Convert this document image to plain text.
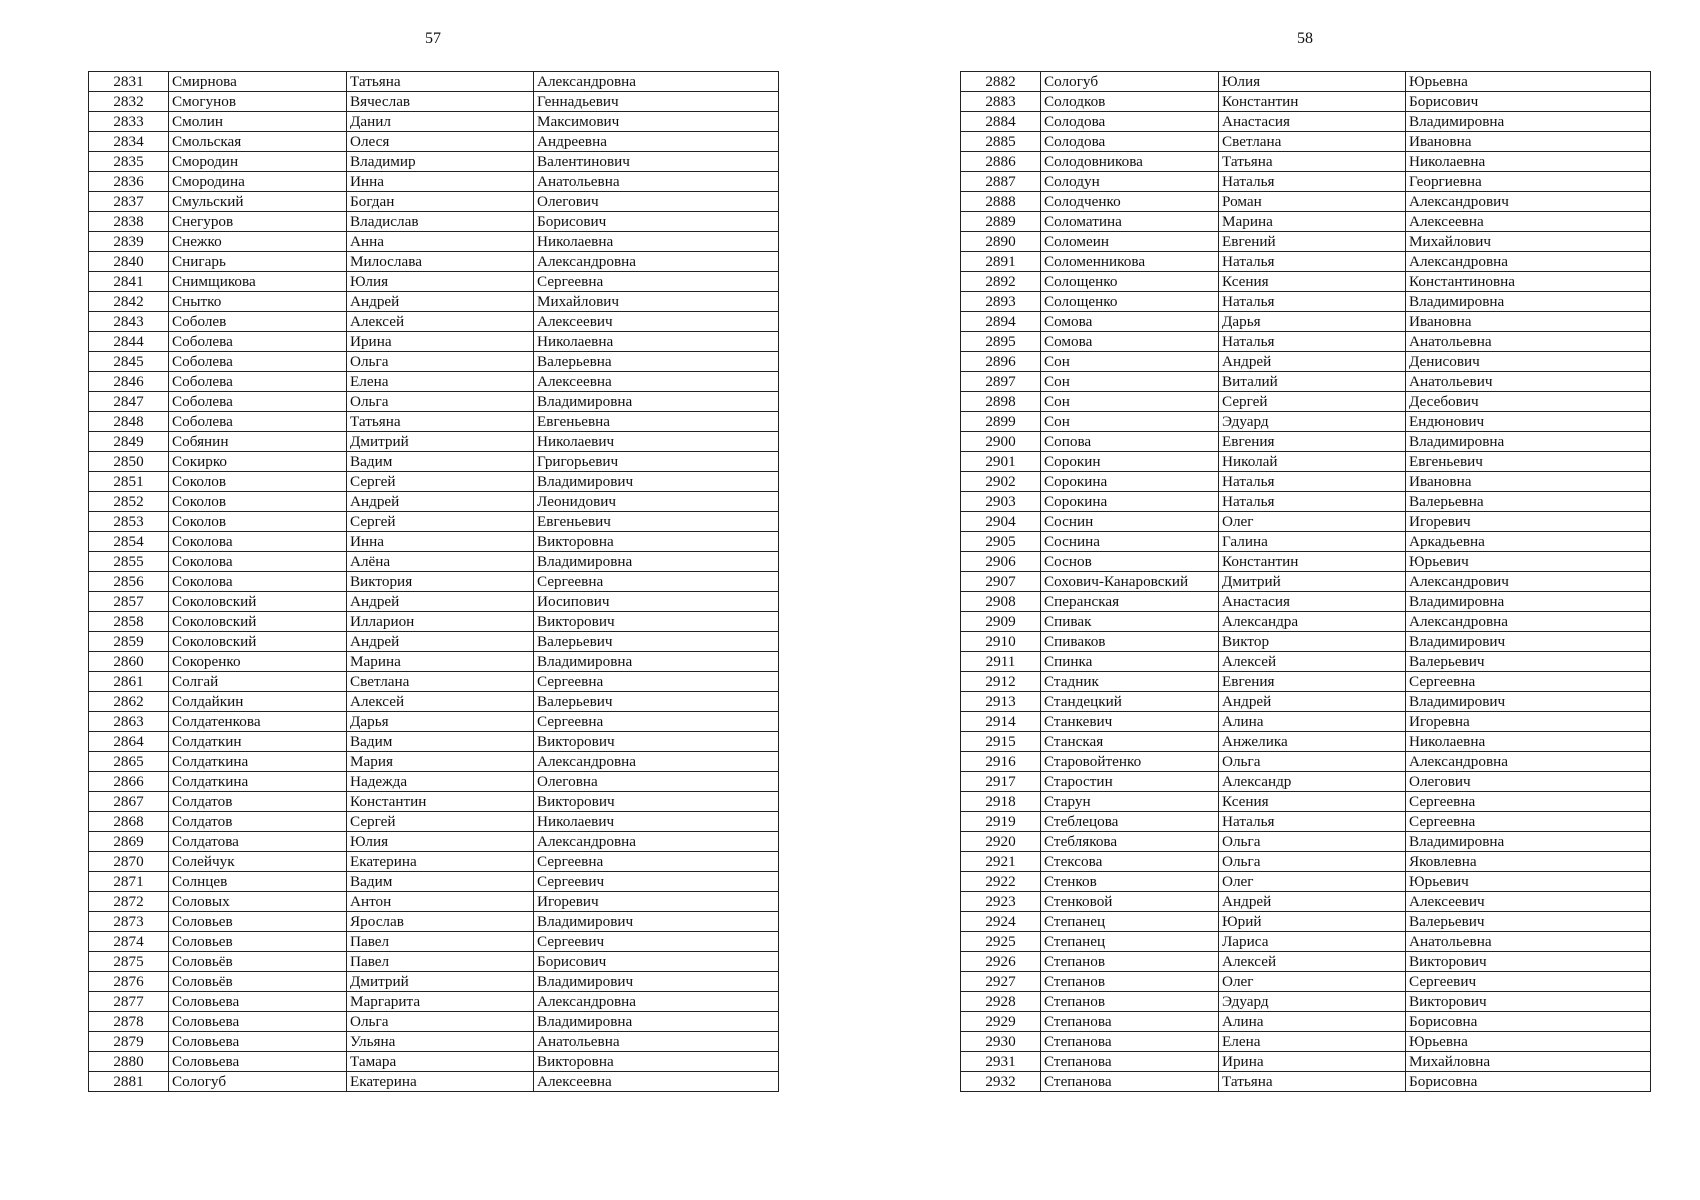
57
2831	Смирнова	Татьяна	Александровна
2832	Смогунов	Вячеслав	Геннадьевич
2833	Смолин	Данил	Максимович
2834	Смольская	Олеся	Андреевна
2835	Смородин	Владимир	Валентинович
2836	Смородина	Инна	Анатольевна
2837	Смульский	Богдан	Олегович
2838	Снегуров	Владислав	Борисович
2839	Снежко	Анна	Николаевна
2840	Снигарь	Милослава	Александровна
2841	Снимщикова	Юлия	Сергеевна
2842	Снытко	Андрей	Михайлович
2843	Соболев	Алексей	Алексеевич
2844	Соболева	Ирина	Николаевна
2845	Соболева	Ольга	Валерьевна
2846	Соболева	Елена	Алексеевна
2847	Соболева	Ольга	Владимировна
2848	Соболева	Татьяна	Евгеньевна
2849	Собянин	Дмитрий	Николаевич
2850	Сокирко	Вадим	Григорьевич
2851	Соколов	Сергей	Владимирович
2852	Соколов	Андрей	Леонидович
2853	Соколов	Сергей	Евгеньевич
2854	Соколова	Инна	Викторовна
2855	Соколова	Алёна	Владимировна
2856	Соколова	Виктория	Сергеевна
2857	Соколовский	Андрей	Иосипович
2858	Соколовский	Илларион	Викторович
2859	Соколовский	Андрей	Валерьевич
2860	Сокоренко	Марина	Владимировна
2861	Солгай	Светлана	Сергеевна
2862	Солдайкин	Алексей	Валерьевич
2863	Солдатенкова	Дарья	Сергеевна
2864	Солдаткин	Вадим	Викторович
2865	Солдаткина	Мария	Александровна
2866	Солдаткина	Надежда	Олеговна
2867	Солдатов	Константин	Викторович
2868	Солдатов	Сергей	Николаевич
2869	Солдатова	Юлия	Александровна
2870	Солейчук	Екатерина	Сергеевна
2871	Солнцев	Вадим	Сергеевич
2872	Соловых	Антон	Игоревич
2873	Соловьев	Ярослав	Владимирович
2874	Соловьев	Павел	Сергеевич
2875	Соловьёв	Павел	Борисович
2876	Соловьёв	Дмитрий	Владимирович
2877	Соловьева	Маргарита	Александровна
2878	Соловьева	Ольга	Владимировна
2879	Соловьева	Ульяна	Анатольевна
2880	Соловьева	Тамара	Викторовна
2881	Сологуб	Екатерина	Алексеевна
58
2882	Сологуб	Юлия	Юрьевна
2883	Солодков	Константин	Борисович
2884	Солодова	Анастасия	Владимировна
2885	Солодова	Светлана	Ивановна
2886	Солодовникова	Татьяна	Николаевна
2887	Солодун	Наталья	Георгиевна
2888	Солодченко	Роман	Александрович
2889	Соломатина	Марина	Алексеевна
2890	Соломеин	Евгений	Михайлович
2891	Соломенникова	Наталья	Александровна
2892	Солощенко	Ксения	Константиновна
2893	Солощенко	Наталья	Владимировна
2894	Сомова	Дарья	Ивановна
2895	Сомова	Наталья	Анатольевна
2896	Сон	Андрей	Денисович
2897	Сон	Виталий	Анатольевич
2898	Сон	Сергей	Десебович
2899	Сон	Эдуард	Ендюнович
2900	Сопова	Евгения	Владимировна
2901	Сорокин	Николай	Евгеньевич
2902	Сорокина	Наталья	Ивановна
2903	Сорокина	Наталья	Валерьевна
2904	Соснин	Олег	Игоревич
2905	Соснина	Галина	Аркадьевна
2906	Соснов	Константин	Юрьевич
2907	Сохович-Канаровский	Дмитрий	Александрович
2908	Сперанская	Анастасия	Владимировна
2909	Спивак	Александра	Александровна
2910	Спиваков	Виктор	Владимирович
2911	Спинка	Алексей	Валерьевич
2912	Стадник	Евгения	Сергеевна
2913	Стандецкий	Андрей	Владимирович
2914	Станкевич	Алина	Игоревна
2915	Станская	Анжелика	Николаевна
2916	Старовойтенко	Ольга	Александровна
2917	Старостин	Александр	Олегович
2918	Старун	Ксения	Сергеевна
2919	Стеблецова	Наталья	Сергеевна
2920	Стеблякова	Ольга	Владимировна
2921	Стексова	Ольга	Яковлевна
2922	Стенков	Олег	Юрьевич
2923	Стенковой	Андрей	Алексеевич
2924	Степанец	Юрий	Валерьевич
2925	Степанец	Лариса	Анатольевна
2926	Степанов	Алексей	Викторович
2927	Степанов	Олег	Сергеевич
2928	Степанов	Эдуард	Викторович
2929	Степанова	Алина	Борисовна
2930	Степанова	Елена	Юрьевна
2931	Степанова	Ирина	Михайловна
2932	Степанова	Татьяна	Борисовна
